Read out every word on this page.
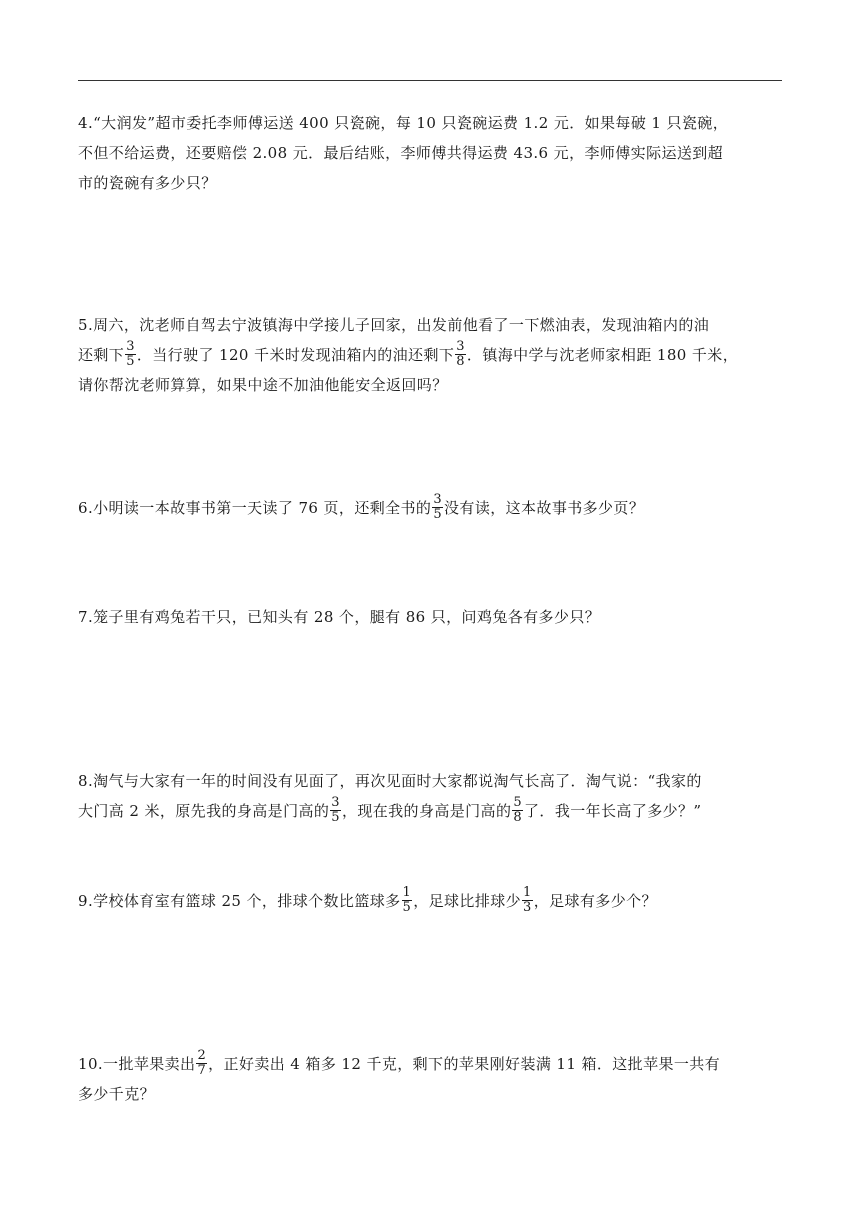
4.“大润发”超市委托李师傅运送 400 只瓷碗，每 10 只瓷碗运费 1.2 元．如果每破 1 只瓷碗，
不但不给运费，还要赔偿 2.08 元．最后结账，李师傅共得运费 43.6 元，李师傅实际运送到超
市的瓷碗有多少只？
5.周六，沈老师自驾去宁波镇海中学接儿子回家，出发前他看了一下燃油表，发现油箱内的油
还剩下 $\frac{3}{5}$ ．当行驶了 120 千米时发现油箱内的油还剩下 $\frac{3}{8}$ ．镇海中学与沈老师家相距 180 千米，
请你帮沈老师算算，如果中途不加油他能安全返回吗？
6.小明读一本故事书第一天读了 76 页，还剩全书的 $\frac{3}{5}$ 没有读，这本故事书多少页？
7.笼子里有鸡兔若干只，已知头有 28 个，腿有 86 只，问鸡兔各有多少只？
8.淘气与大家有一年的时间没有见面了，再次见面时大家都说淘气长高了．淘气说：“我家的
大门高 2 米，原先我的身高是门高的 $\frac{3}{5}$ ，现在我的身高是门高的 $\frac{5}{8}$ 了．我一年长高了多少？”
9.学校体育室有篮球 25 个，排球个数比篮球多 $\frac{1}{5}$ ，足球比排球少 $\frac{1}{3}$ ，足球有多少个？
10.一批苹果卖出 $\frac{2}{7}$ ，正好卖出 4 箱多 12 千克，剩下的苹果刚好装满 11 箱．这批苹果一共有
多少千克？
